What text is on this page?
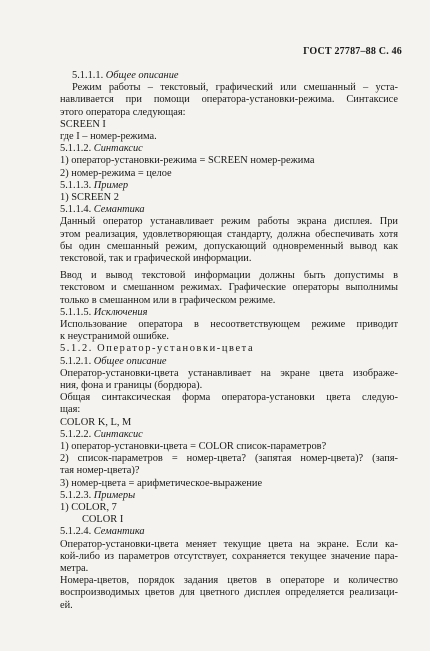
ГОСТ 27787–88 С. 46
5.1.1.1. Общее описание
Режим работы – текстовый, графический или смешанный – уста-
навливается при помощи оператора-установки-режима. Синтаксисе
этого оператора следующая:
SCREEN I
где I – номер-режима.
5.1.1.2. Синтаксис
1) оператор-установки-режима = SCREEN номер-режима
2) номер-режима = целое
5.1.1.3. Пример
1) SCREEN 2
5.1.1.4. Семантика
Данный оператор устанавливает режим работы экрана дисплея. При
этом реализация, удовлетворяющая стандарту, должна обеспечивать хотя
бы один смешанный режим, допускающий одновременный вывод как
текстовой, так и графической информации.
Ввод и вывод текстовой информации должны быть допустимы в
текстовом и смешанном режимах. Графические операторы выполнимы
только в смешанном или в графическом режиме.
5.1.1.5. Исключения
Использование оператора в несоответствующем режиме приводит
к неустранимой ошибке.
5.1.2. Оператор-установки-цвета
5.1.2.1. Общее описание
Оператор-установки-цвета устанавливает на экране цвета изображе-
ния, фона и границы (бордюра).
Общая синтаксическая форма оператора-установки цвета следую-
щая:
COLOR K, L, M
5.1.2.2. Синтаксис
1) оператор-установки-цвета = COLOR список-параметров?
2) список-параметров = номер-цвета? (запятая номер-цвета)? (запя-
тая номер-цвета)?
3) номер-цвета = арифметическое-выражение
5.1.2.3. Примеры
1) COLOR, 7
COLOR I
5.1.2.4. Семантика
Оператор-установки-цвета меняет текущие цвета на экране. Если ка-
кой-либо из параметров отсутствует, сохраняется текущее значение пара-
метра.
Номера-цветов, порядок задания цветов в операторе и количество
воспроизводимых цветов для цветного дисплея определяется реализаци-
ей.
